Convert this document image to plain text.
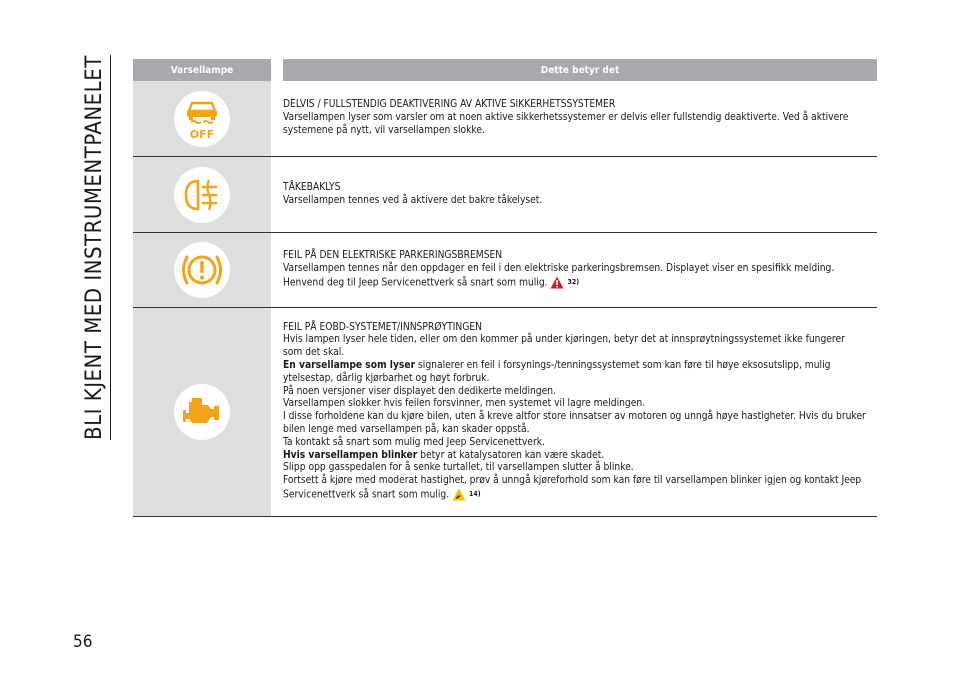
BLI KJENT MED INSTRUMENTPANELET
56
Varsellampe	Dette betyr det
OFF

DELVIS / FULLSTENDIG DEAKTIVERING AV AKTIVE SIKKERHETSSYSTEMER

Varsellampen lyser som varsler om at noen aktive sikkerhetssystemer er delvis eller fullstendig deaktiverte. Ved å aktivere systemene på nytt, vil varsellampen slokke.

TÅKEBAKLYS

Varsellampen tennes ved å aktivere det bakre tåkelyset.

FEIL PÅ DEN ELEKTRISKE PARKERINGSBREMSEN

Varsellampen tennes når den oppdager en feil i den elektriske parkeringsbremsen. Displayet viser en spesifikk melding. Henvend deg til Jeep Servicenettverk så snart som mulig.	32)

FEIL PÅ EOBD-SYSTEMET/INNSPRØYTINGEN

Hvis lampen lyser hele tiden, eller om den kommer på under kjøringen, betyr det at innsprøytningssystemet ikke fungerer som det skal.

En varsellampe som lyser signalerer en feil i forsynings-/tenningssystemet som kan føre til høye eksosutslipp, mulig ytelsestap, dårlig kjørbarhet og høyt forbruk.

På noen versjoner viser displayet den dedikerte meldingen.

Varsellampen slokker hvis feilen forsvinner, men systemet vil lagre meldingen.

I disse forholdene kan du kjøre bilen, uten å kreve altfor store innsatser av motoren og unngå høye hastigheter. Hvis du bruker bilen lenge med varsellampen på, kan skader oppstå.

Ta kontakt så snart som mulig med Jeep Servicenettverk.

Hvis varsellampen blinker betyr at katalysatoren kan være skadet.

Slipp opp gasspedalen for å senke turtallet, til varsellampen slutter å blinke.

Fortsett å kjøre med moderat hastighet, prøv å unngå kjøreforhold som kan føre til varsellampen blinker igjen og kontakt Jeep Servicenettverk så snart som mulig.	14)
